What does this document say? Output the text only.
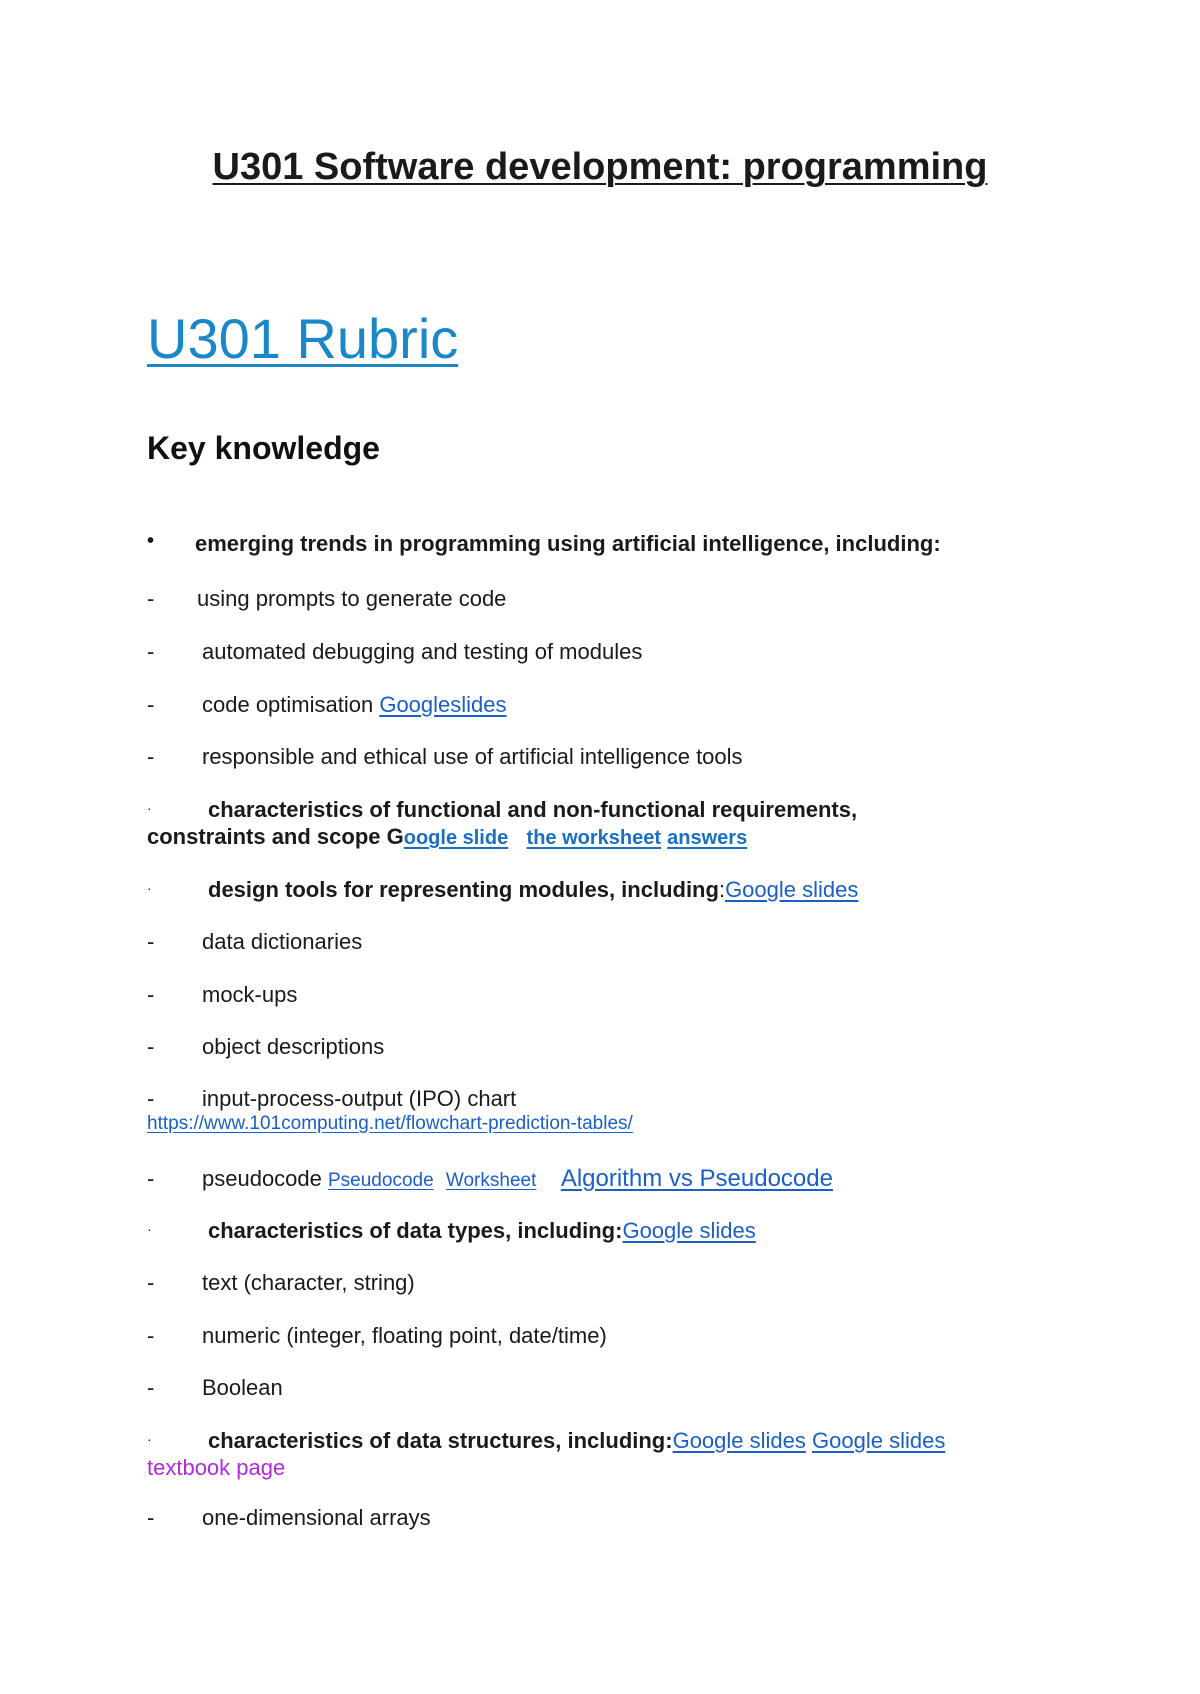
U301 Software development: programming
U301 Rubric
Key knowledge
• emerging trends in programming using artificial intelligence, including:
- using prompts to generate code
- automated debugging and testing of modules
- code optimisation Googleslides
- responsible and ethical use of artificial intelligence tools
·	characteristics of functional and non-functional requirements,
constraints and scope Google slide the worksheet answers
·	design tools for representing modules, including:Google slides
- data dictionaries
- mock-ups
- object descriptions
- input-process-output (IPO) chart
https://www.101computing.net/flowchart-prediction-tables/
- pseudocode Pseudocode Worksheet Algorithm vs Pseudocode
·	characteristics of data types, including:Google slides
- text (character, string)
- numeric (integer, floating point, date/time)
- Boolean
·	characteristics of data structures, including:Google slides Google slides
textbook page
- one-dimensional arrays
